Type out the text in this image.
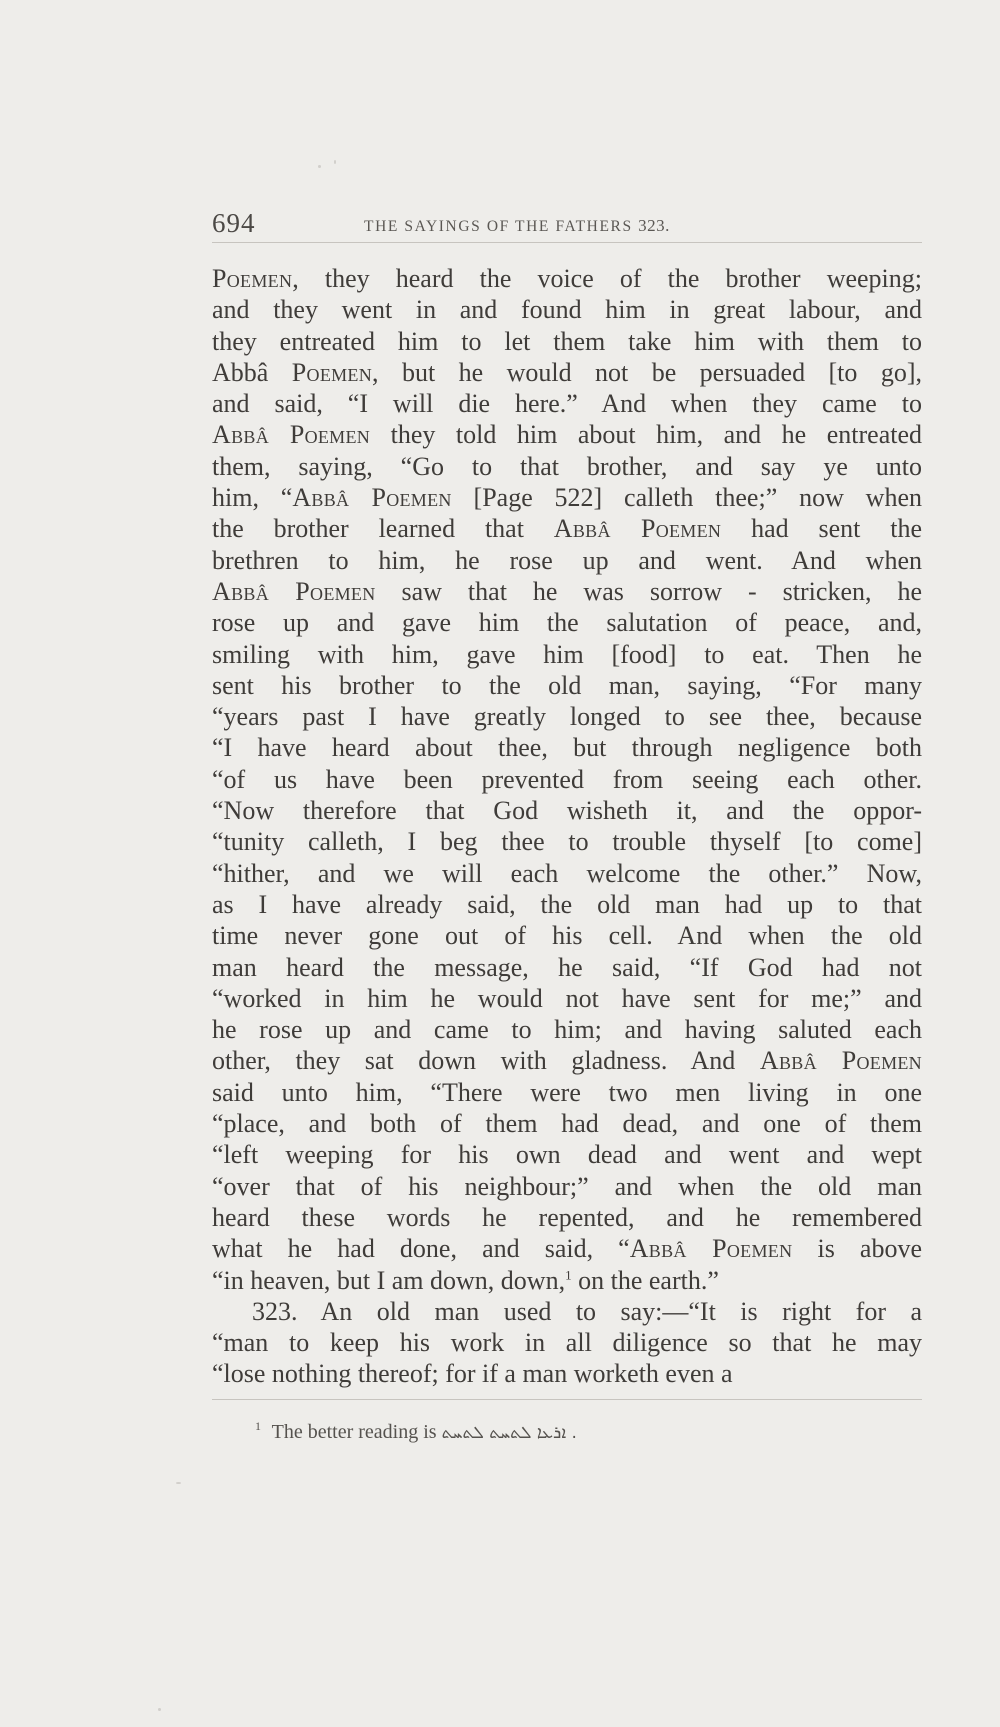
694	THE SAYINGS OF THE FATHERS 323.
Poemen, they heard the voice of the brother weeping;
and they went in and found him in great labour, and
they entreated him to let them take him with them to
Abbâ Poemen, but he would not be persuaded [to go],
and said, “I will die here.” And when they came to
Abbâ Poemen they told him about him, and he entreated
them, saying, “Go to that brother, and say ye unto
him, “Abbâ Poemen [Page 522] calleth thee;” now when
the brother learned that Abbâ Poemen had sent the
brethren to him, he rose up and went. And when
Abbâ Poemen saw that he was sorrow - stricken, he
rose up and gave him the salutation of peace, and,
smiling with him, gave him [food] to eat. Then he
sent his brother to the old man, saying, “For many
“years past I have greatly longed to see thee, because
“I have heard about thee, but through negligence both
“of us have been prevented from seeing each other.
“Now therefore that God wisheth it, and the oppor-
“tunity calleth, I beg thee to trouble thyself [to come]
“hither, and we will each welcome the other.” Now,
as I have already said, the old man had up to that
time never gone out of his cell. And when the old
man heard the message, he said, “If God had not
“worked in him he would not have sent for me;” and
he rose up and came to him; and having saluted each
other, they sat down with gladness. And Abbâ Poemen
said unto him, “There were two men living in one
“place, and both of them had dead, and one of them
“left weeping for his own dead and went and wept
“over that of his neighbour;” and when the old man
heard these words he repented, and he remembered
what he had done, and said, “Abbâ Poemen is above
“in heaven, but I am down, down,$^1$ on the earth.”
323. An old man used to say:—“It is right for a
“man to keep his work in all diligence so that he may
“lose nothing thereof; for if a man worketh even a
$^1$ The better reading is ܐܪܥܐ ܠܬܚܬ ܠܬܚܬ .
